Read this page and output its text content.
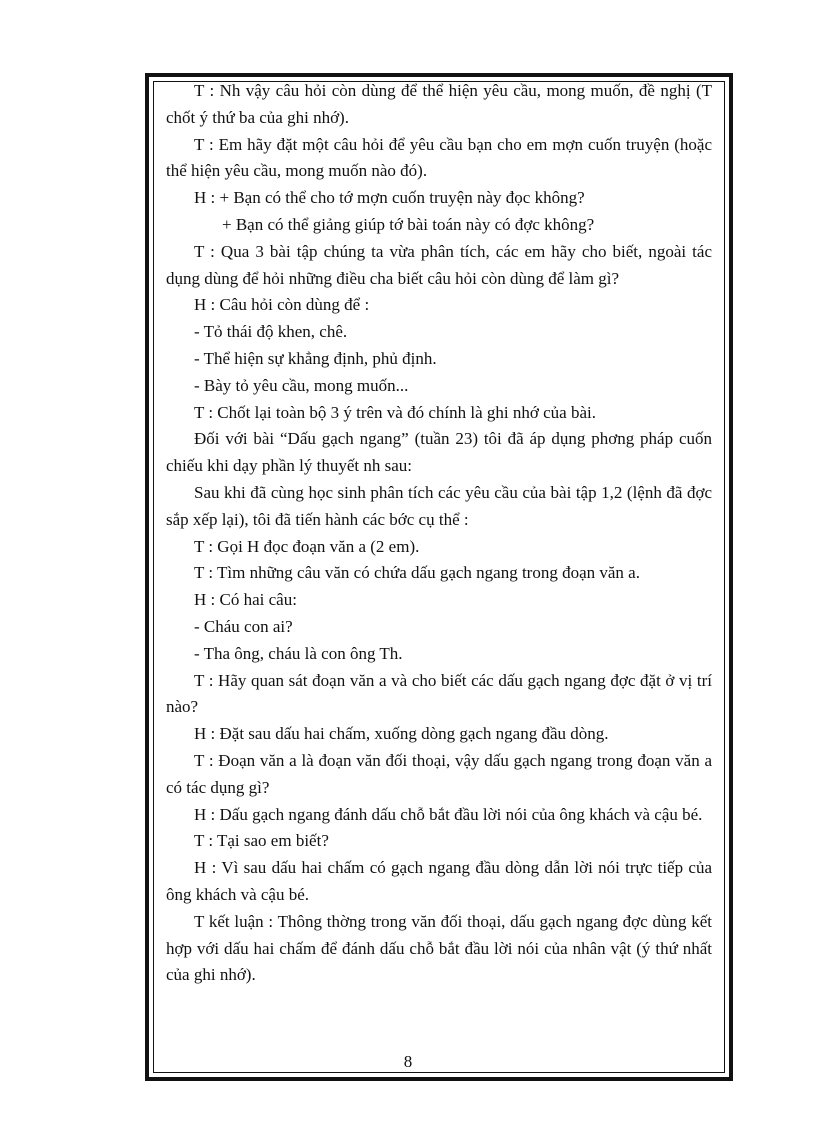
T : Nh vậy câu hỏi còn dùng để thể hiện yêu cầu, mong muốn, đề nghị (T chốt ý thứ ba của ghi nhớ).

T : Em hãy đặt một câu hỏi để yêu cầu bạn cho em mợn cuốn truyện (hoặc thể hiện yêu cầu, mong muốn nào đó).

H : + Bạn có thể cho tớ mợn cuốn truyện này đọc không?

+ Bạn có thể giảng giúp tớ bài toán này có đợc không?

T : Qua 3 bài tập chúng ta vừa phân tích, các em hãy cho biết, ngoài tác dụng dùng để hỏi những điều cha biết câu hỏi còn dùng để làm gì?

H : Câu hỏi còn dùng để :

- Tỏ thái độ khen, chê.

- Thể hiện sự khẳng định, phủ định.

- Bày tỏ yêu cầu, mong muốn...

T : Chốt lại toàn bộ 3 ý trên và đó chính là ghi nhớ của bài.

Đối với bài “Dấu gạch ngang” (tuần 23) tôi đã áp dụng phơng pháp cuốn chiếu khi dạy phần lý thuyết nh sau:

Sau khi đã cùng học sinh phân tích các yêu cầu của bài tập 1,2 (lệnh đã đợc sắp xếp lại), tôi đã tiến hành các bớc cụ thể :

T : Gọi H đọc đoạn văn a (2 em).

T : Tìm những câu văn có chứa dấu gạch ngang trong đoạn văn a.

H : Có hai câu:

- Cháu con ai?

- Tha ông, cháu là con ông Th.

T : Hãy quan sát đoạn văn a và cho biết các dấu gạch ngang đợc đặt ở vị trí nào?

H : Đặt sau dấu hai chấm, xuống dòng gạch ngang đầu dòng.

T : Đoạn văn a là đoạn văn đối thoại, vậy dấu gạch ngang trong đoạn văn a có tác dụng gì?

H : Dấu gạch ngang đánh dấu chỗ bắt đầu lời nói của ông khách và cậu bé.

T : Tại sao em biết?

H : Vì sau dấu hai chấm có gạch ngang đầu dòng dẫn lời nói trực tiếp của ông khách và cậu bé.

T kết luận : Thông thờng trong văn đối thoại, dấu gạch ngang đợc dùng kết hợp với dấu hai chấm để đánh dấu chỗ bắt đầu lời nói của nhân vật (ý thứ nhất của ghi nhớ).

8
